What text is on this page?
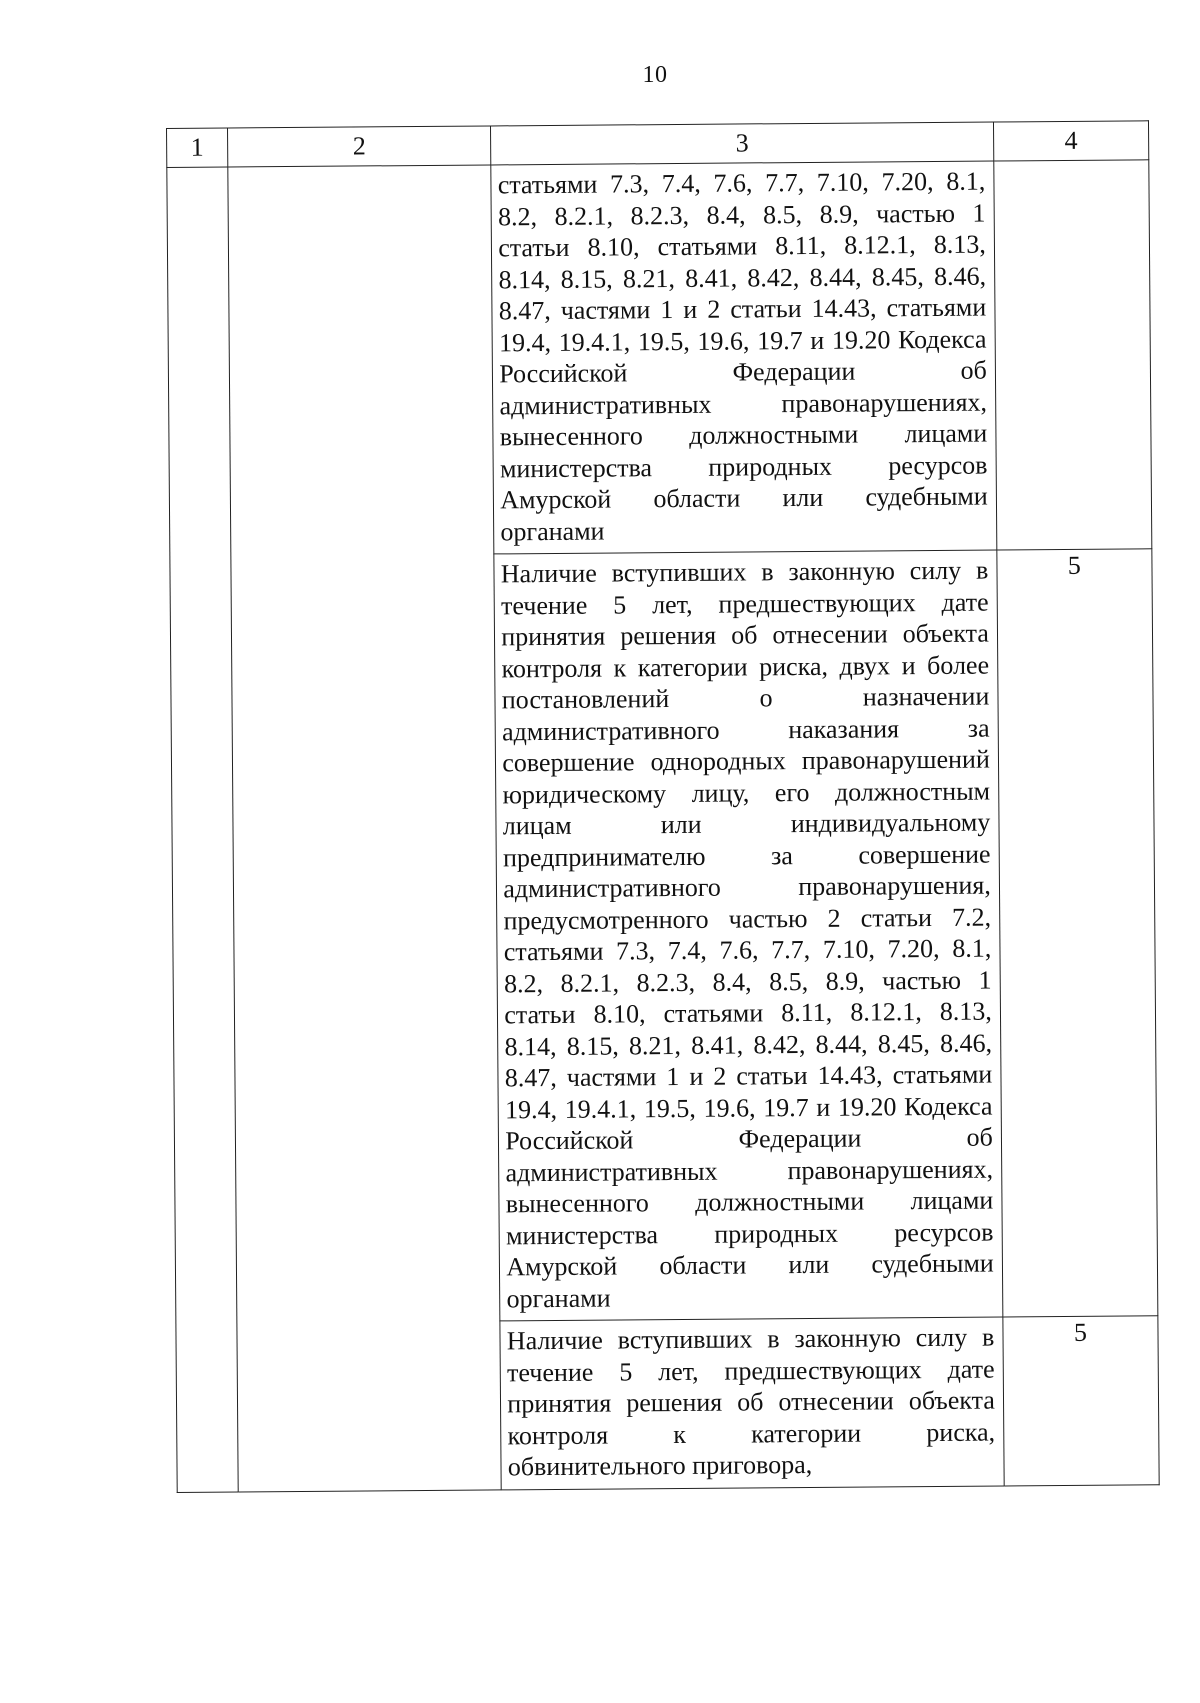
10
1	2	3	4

		статьями 7.3, 7.4, 7.6, 7.7, 7.10, 7.20, 8.1, 8.2, 8.2.1, 8.2.3, 8.4, 8.5, 8.9, частью 1 статьи 8.10, статьями 8.11, 8.12.1, 8.13, 8.14, 8.15, 8.21, 8.41, 8.42, 8.44, 8.45, 8.46, 8.47, частями 1 и 2 статьи 14.43, статьями 19.4, 19.4.1, 19.5, 19.6, 19.7 и 19.20 Кодекса Российской Федерации об административных правонарушениях, вынесенного должностными лицами министерства природных ресурсов Амурской области или судебными органами	

		Наличие вступивших в законную силу в течение 5 лет, предшествующих дате принятия решения об отнесении объекта контроля к категории риска, двух и более постановлений о назначении административного наказания за совершение однородных правонарушений юридическому лицу, его должностным лицам или индивидуальному предпринимателю за совершение административного правонарушения, предусмотренного частью 2 статьи 7.2, статьями 7.3, 7.4, 7.6, 7.7, 7.10, 7.20, 8.1, 8.2, 8.2.1, 8.2.3, 8.4, 8.5, 8.9, частью 1 статьи 8.10, статьями 8.11, 8.12.1, 8.13, 8.14, 8.15, 8.21, 8.41, 8.42, 8.44, 8.45, 8.46, 8.47, частями 1 и 2 статьи 14.43, статьями 19.4, 19.4.1, 19.5, 19.6, 19.7 и 19.20 Кодекса Российской Федерации об административных правонарушениях, вынесенного должностными лицами министерства природных ресурсов Амурской области или судебными органами	5

		Наличие вступивших в законную силу в течение 5 лет, предшествующих дате принятия решения об отнесении объекта контроля к категории риска, обвинительного приговора,	5
